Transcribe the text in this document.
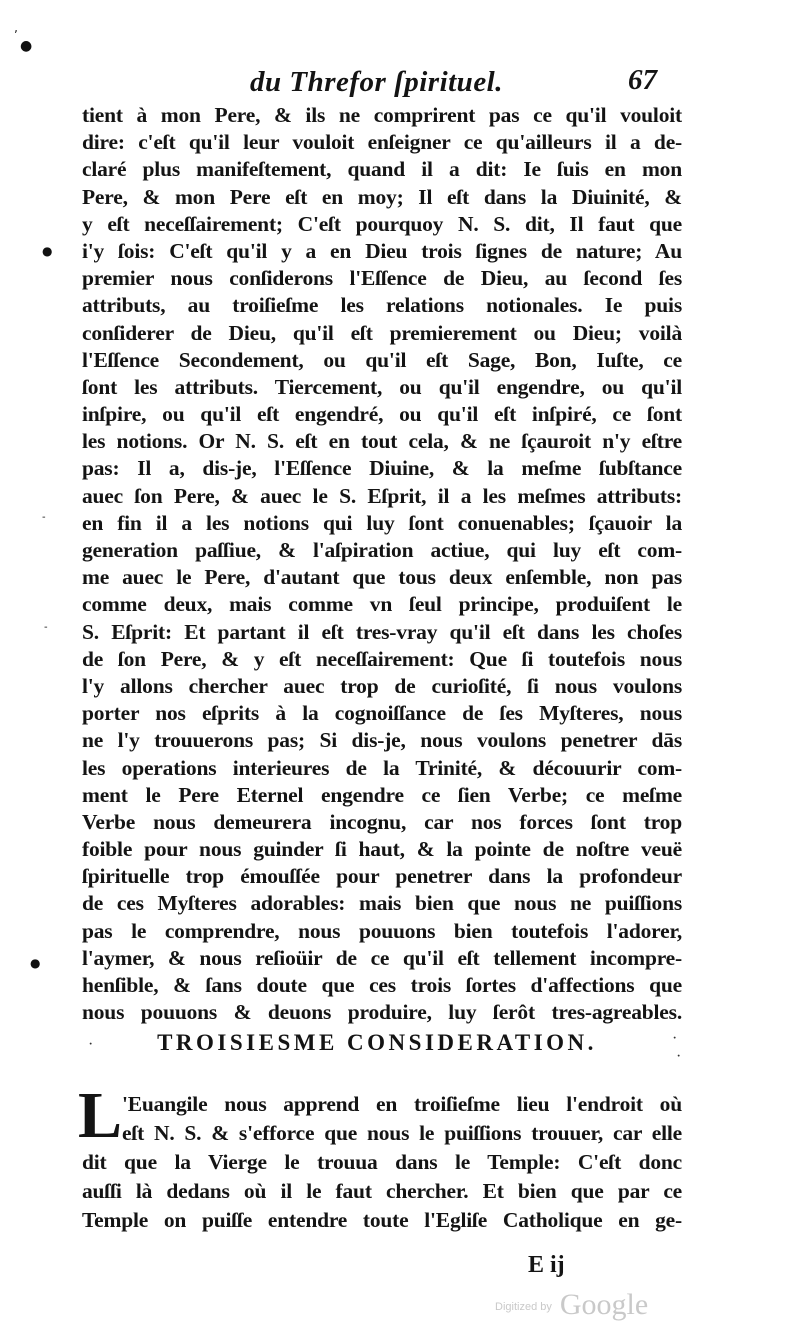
●
ʼ
du Threfor ſpirituel.	67
tient à mon Pere, & ils ne comprirent pas ce qu'il vouloit
dire: c'eſt qu'il leur vouloit enſeigner ce qu'ailleurs il a de-
claré plus manifeſtement, quand il a dit: Ie ſuis en mon
Pere, & mon Pere eſt en moy; Il eſt dans la Diuinité, &
y eſt neceſſairement; C'eſt pourquoy N. S. dit, Il faut que
i'y ſois: C'eſt qu'il y a en Dieu trois ſignes de nature; Au
premier nous conſiderons l'Eſſence de Dieu, au ſecond ſes
attributs, au troiſieſme les relations notionales. Ie puis
conſiderer de Dieu, qu'il eſt premierement ou Dieu; voilà
l'Eſſence Secondement, ou qu'il eſt Sage, Bon, Iuſte, ce
ſont les attributs. Tiercement, ou qu'il engendre, ou qu'il
inſpire, ou qu'il eſt engendré, ou qu'il eſt inſpiré, ce ſont
les notions. Or N. S. eſt en tout cela, & ne ſçauroit n'y eſtre
pas: Il a, dis-je, l'Eſſence Diuine, & la meſme ſubſtance
auec ſon Pere, & auec le S. Eſprit, il a les meſmes attributs:
en fin il a les notions qui luy ſont conuenables; ſçauoir la
generation paſſiue, & l'aſpiration actiue, qui luy eſt com-
me auec le Pere, d'autant que tous deux enſemble, non pas
comme deux, mais comme vn ſeul principe, produiſent le
S. Eſprit: Et partant il eſt tres-vray qu'il eſt dans les choſes
de ſon Pere, & y eſt neceſſairement: Que ſi toutefois nous
l'y allons chercher auec trop de curioſité, ſi nous voulons
porter nos eſprits à la cognoiſſance de ſes Myſteres, nous
ne l'y trouuerons pas; Si dis-je, nous voulons penetrer dās
les operations interieures de la Trinité, & découurir com-
ment le Pere Eternel engendre ce ſien Verbe; ce meſme
Verbe nous demeurera incognu, car nos forces ſont trop
foible pour nous guinder ſi haut, & la pointe de noſtre veuë
ſpirituelle trop émouſſée pour penetrer dans la profondeur
de ces Myſteres adorables: mais bien que nous ne puiſſions
pas le comprendre, nous pouuons bien toutefois l'adorer,
l'aymer, & nous reſioüir de ce qu'il eſt tellement incompre-
henſible, & ſans doute que ces trois ſortes d'affections que
nous pouuons & deuons produire, luy ſerôt tres-agreables.
●
-
-
●
·	TROISIESME CONSIDERATION.	·
·
L 'Euangile nous apprend en troiſieſme lieu l'endroit où
eſt N. S. & s'efforce que nous le puiſſions trouuer, car elle
dit que la Vierge le trouua dans le Temple: C'eſt donc
auſſi là dedans où il le faut chercher. Et bien que par ce
Temple on puiſſe entendre toute l'Egliſe Catholique en ge-
E ij
$^{Digitized by}$ Google
